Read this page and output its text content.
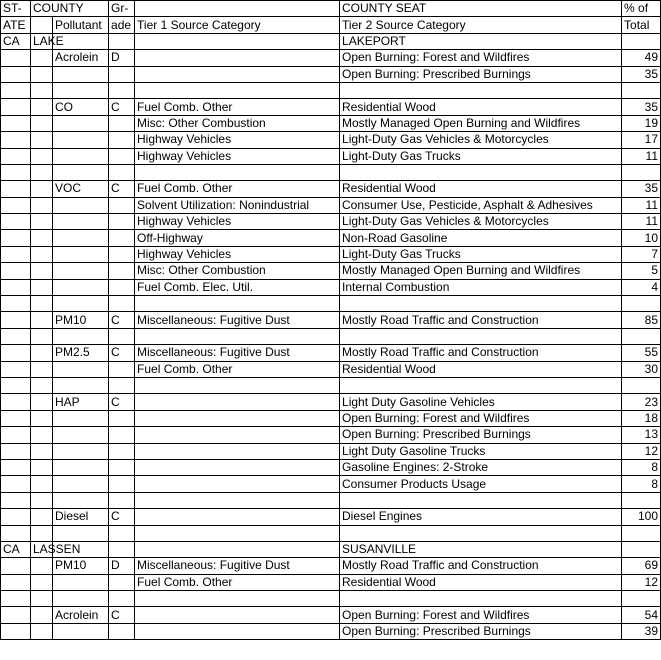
ST-	COUNTY		Gr-		COUNTY SEAT	% of
ATE		Pollutant	ade	Tier 1 Source Category	Tier 2 Source Category	Total
CA	LAKE				LAKEPORT	
		Acrolein	D		Open Burning: Forest and Wildfires	49
					Open Burning: Prescribed Burnings	35

		CO	C	Fuel Comb. Other	Residential Wood	35
				Misc: Other Combustion	Mostly Managed Open Burning and Wildfires	19
				Highway Vehicles	Light-Duty Gas Vehicles & Motorcycles	17
				Highway Vehicles	Light-Duty Gas Trucks	11

		VOC	C	Fuel Comb. Other	Residential Wood	35
				Solvent Utilization: Nonindustrial	Consumer Use, Pesticide, Asphalt & Adhesives	11
				Highway Vehicles	Light-Duty Gas Vehicles & Motorcycles	11
				Off-Highway	Non-Road Gasoline	10
				Highway Vehicles	Light-Duty Gas Trucks	7
				Misc: Other Combustion	Mostly Managed Open Burning and Wildfires	5
				Fuel Comb. Elec. Util.	Internal Combustion	4

		PM10	C	Miscellaneous: Fugitive Dust	Mostly Road Traffic and Construction	85

		PM2.5	C	Miscellaneous: Fugitive Dust	Mostly Road Traffic and Construction	55
				Fuel Comb. Other	Residential Wood	30

		HAP	C		Light Duty Gasoline Vehicles	23
					Open Burning: Forest and Wildfires	18
					Open Burning: Prescribed Burnings	13
					Light Duty Gasoline Trucks	12
					Gasoline Engines: 2-Stroke	8
					Consumer Products Usage	8

		Diesel	C		Diesel Engines	100

CA	LASSEN				SUSANVILLE	
		PM10	D	Miscellaneous: Fugitive Dust	Mostly Road Traffic and Construction	69
				Fuel Comb. Other	Residential Wood	12

		Acrolein	C		Open Burning: Forest and Wildfires	54
					Open Burning: Prescribed Burnings	39
